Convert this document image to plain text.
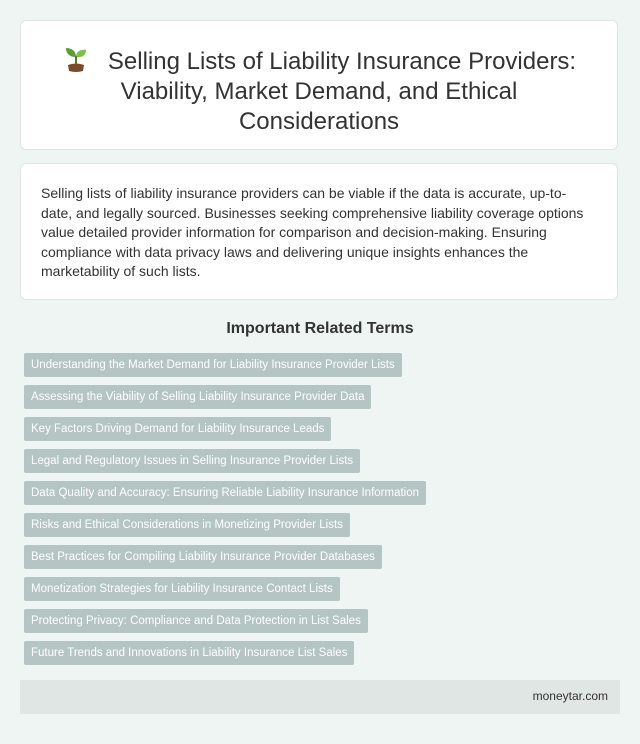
Selling Lists of Liability Insurance Providers: Viability, Market Demand, and Ethical Considerations

Selling lists of liability insurance providers can be viable if the data is accurate, up-to-date, and legally sourced. Businesses seeking comprehensive liability coverage options value detailed provider information for comparison and decision-making. Ensuring compliance with data privacy laws and delivering unique insights enhances the marketability of such lists.

Important Related Terms
Understanding the Market Demand for Liability Insurance Provider Lists
Assessing the Viability of Selling Liability Insurance Provider Data
Key Factors Driving Demand for Liability Insurance Leads
Legal and Regulatory Issues in Selling Insurance Provider Lists
Data Quality and Accuracy: Ensuring Reliable Liability Insurance Information
Risks and Ethical Considerations in Monetizing Provider Lists
Best Practices for Compiling Liability Insurance Provider Databases
Monetization Strategies for Liability Insurance Contact Lists
Protecting Privacy: Compliance and Data Protection in List Sales
Future Trends and Innovations in Liability Insurance List Sales
moneytar.com
